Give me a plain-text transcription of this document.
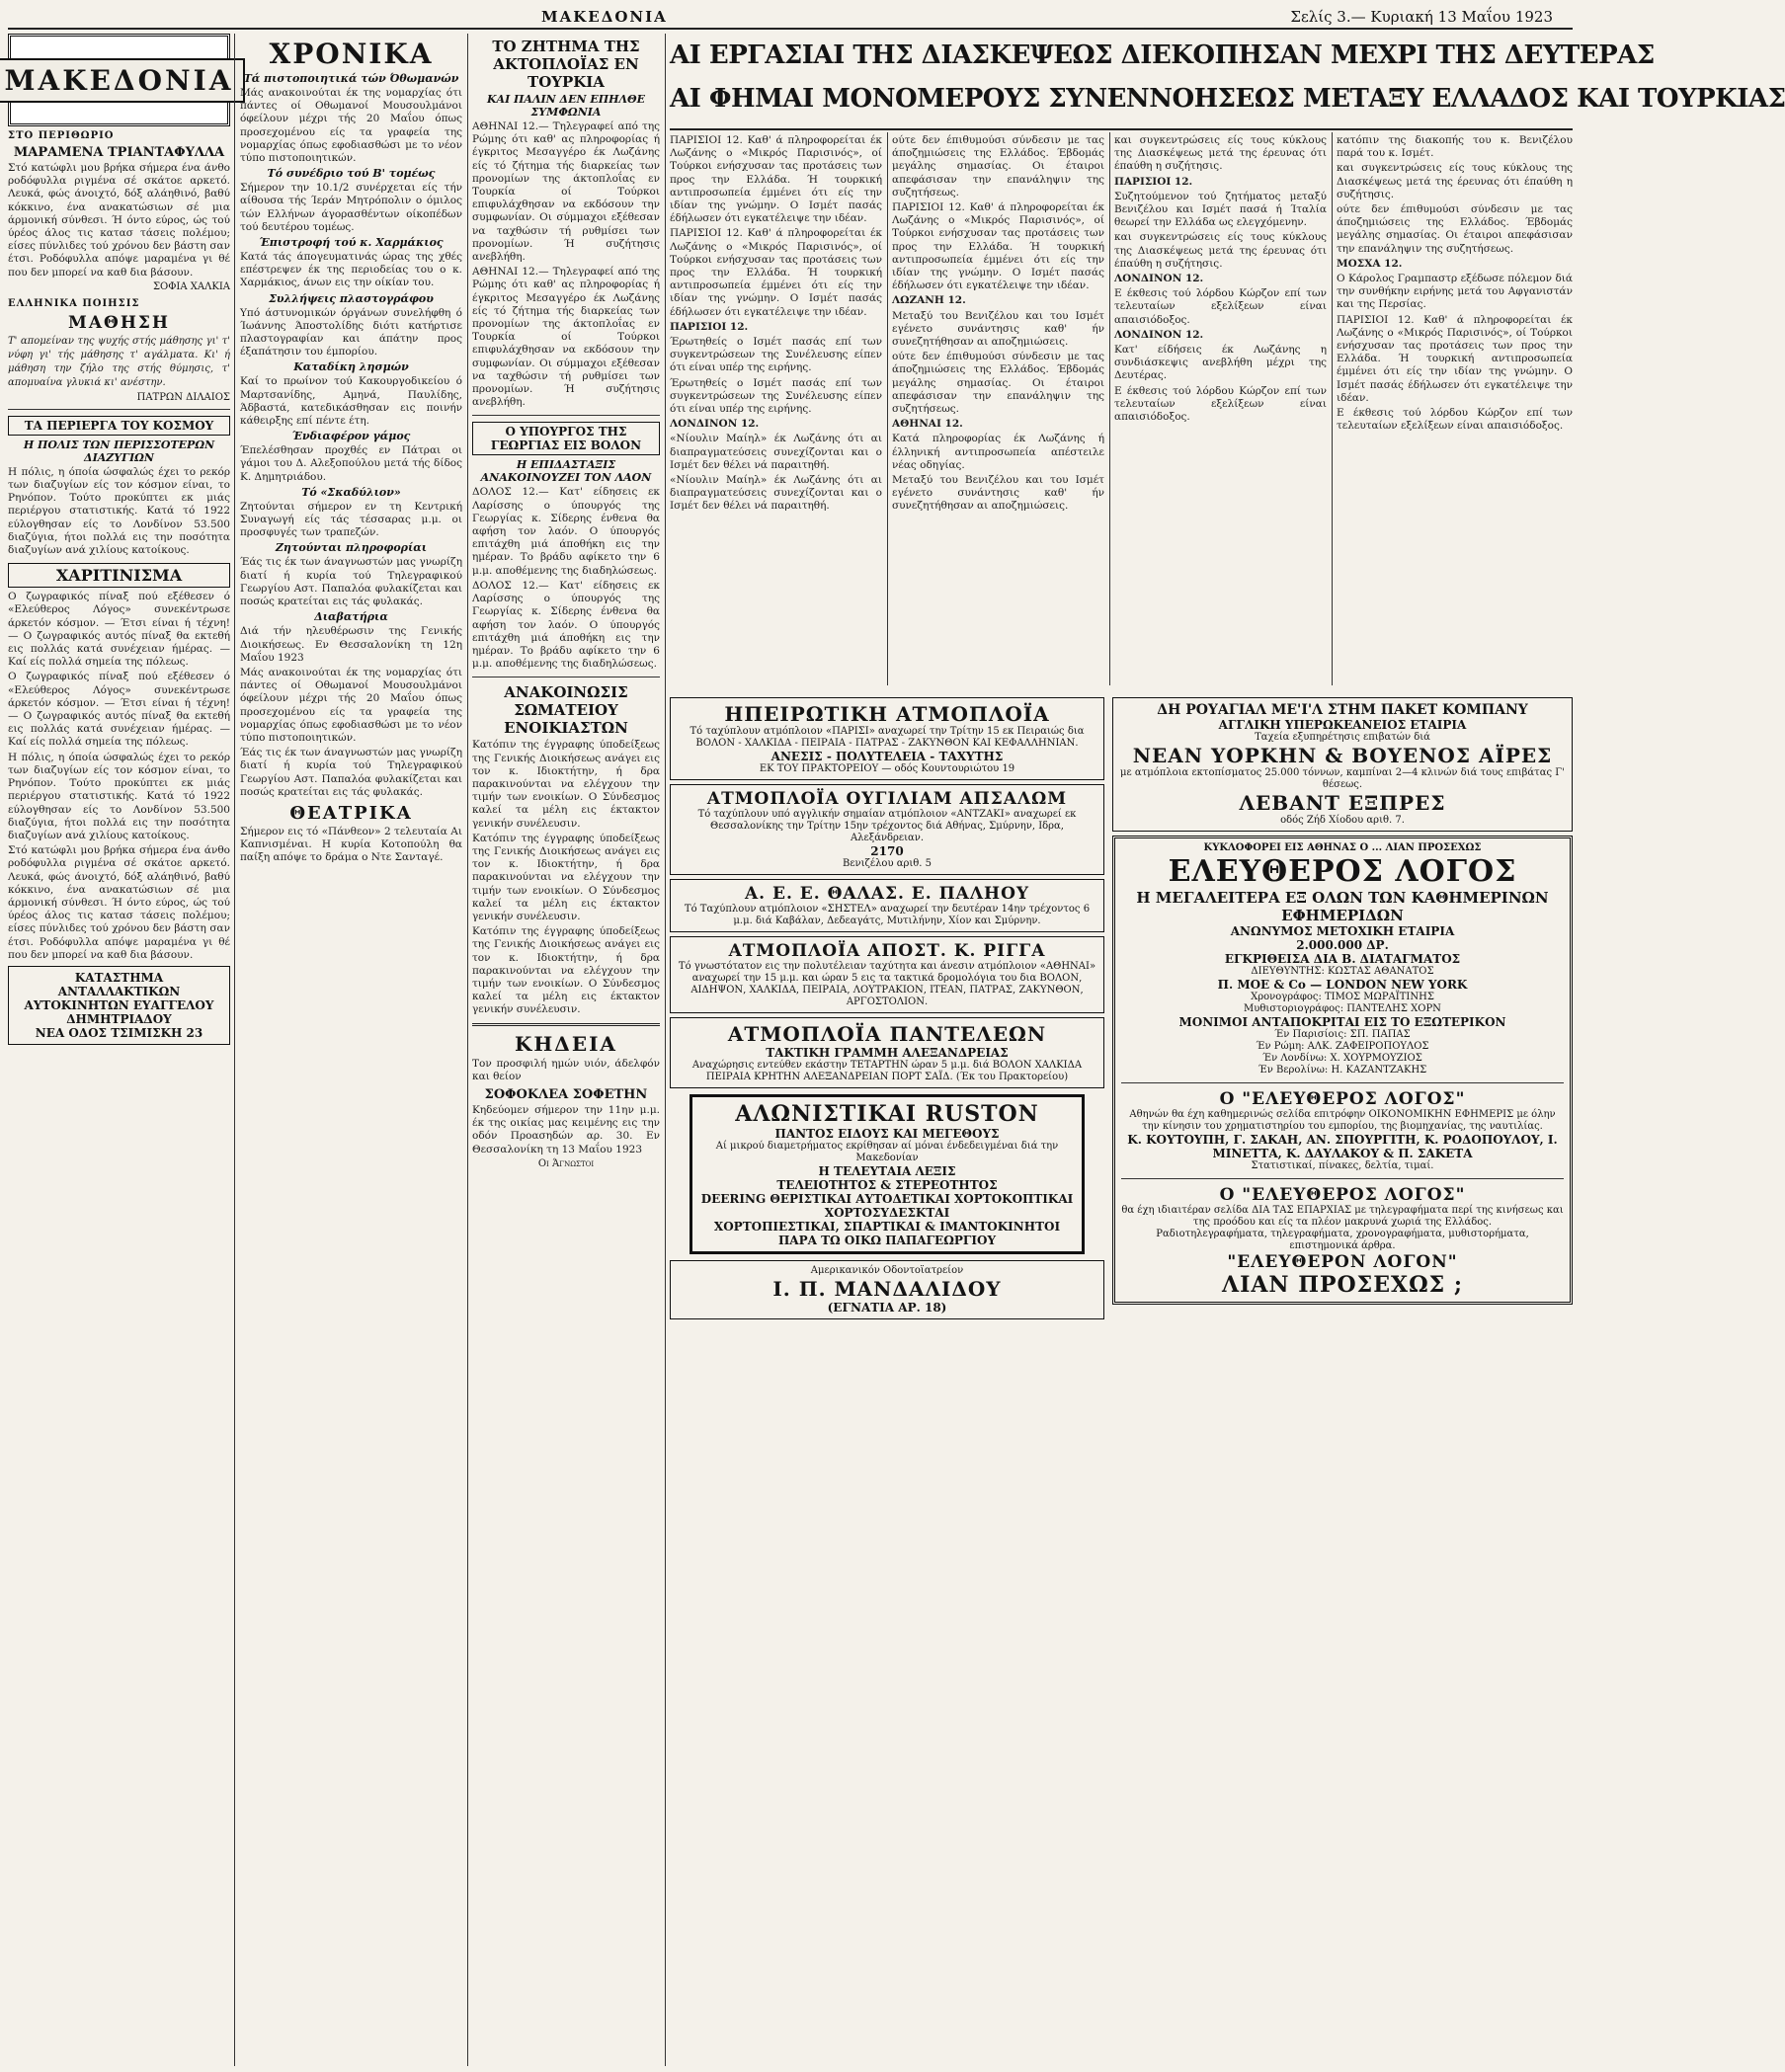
ΜΑΚΕΔΟΝΙΑ	Σελίς 3.— Κυριακή 13 Μαΐου 1923
ΜΑΚΕΔΟΝΙΑ
ΣΤΟ ΠΕΡΙΘΩΡΙΟ
ΜΑΡΑΜΕΝΑ ΤΡΙΑΝΤΑΦΥΛΛΑ

Στό κατώφλι μου βρήκα σήμερα ένα άνθο ροδόφυλλα ριγμένα σέ σκάτοε αρκετό. Λευκά, φώς άνοιχτό, δόξ αλάηθινό, βαθύ κόκκινο, ένα ανακατώσιων σέ μια άρμονική σύνθεσι. Ή όντο εύρος, ώς τού ύρέος άλος τις κατασ τάσεις πολέμου; είσες πύνλιδες τού χρόνου δεν βάστη σαν έτσι. Ροδόφυλλα απόψε μαραμένα γι θέ που δεν μπορεί να καθ δια βάσουν.

ΣΟΦΙΑ ΧΑΛΚΙΑ
ΕΛΛΗΝΙΚΑ ΠΟΙΗΣΙΣ
ΜΑΘΗΣΗ

Τ' απομείναν της ψυχής στής μάθησης γι' τ' νύφη γι' τής μάθησης τ' αγάλματα. Κι' ή μάθηση την ζήλο της στής θύμησις, τ' απομυαίνα γλυκιά κι' ανέστην.

ΠΑΤΡΩΝ ΔΙΛΑΙΟΣ
ΤΑ ΠΕΡΙΕΡΓΑ ΤΟΥ ΚΟΣΜΟΥ
Η ΠΟΛΙΣ ΤΩΝ ΠΕΡΙΣΣΟΤΕΡΩΝ ΔΙΑΖΥΓΙΩΝ

Η πόλις, η όποία ώσφαλώς έχει το ρεκόρ των διαζυγίων είς τον κόσμον είναι, το Ρηνόπον. Τούτο προκύπτει εκ μιάς περιέργου στατιστικής. Κατά τό 1922 εύλογθησαν είς το Λονδίνον 53.500 διαζύγια, ήτοι πολλά εις την ποσότητα διαζυγίων ανά χιλίους κατοίκους.

ΧΑΡΙΤΙΝΙΣΜΑ

Ο ζωγραφικός πίναξ πού εξέθεσεν ό «Ελεύθερος Λόγος» συνεκέντρωσε άρκετόν κόσμον. — Έτσι είναι ή τέχνη! — Ο ζωγραφικός αυτός πίναξ θα εκτεθή εις πολλάς κατά συνέχειαν ήμέρας. — Καί είς πολλά σημεία της πόλεως.

Ο ζωγραφικός πίναξ πού εξέθεσεν ό «Ελεύθερος Λόγος» συνεκέντρωσε άρκετόν κόσμον. — Έτσι είναι ή τέχνη! — Ο ζωγραφικός αυτός πίναξ θα εκτεθή εις πολλάς κατά συνέχειαν ήμέρας. — Καί είς πολλά σημεία της πόλεως.

Η πόλις, η όποία ώσφαλώς έχει το ρεκόρ των διαζυγίων είς τον κόσμον είναι, το Ρηνόπον. Τούτο προκύπτει εκ μιάς περιέργου στατιστικής. Κατά τό 1922 εύλογθησαν είς το Λονδίνον 53.500 διαζύγια, ήτοι πολλά εις την ποσότητα διαζυγίων ανά χιλίους κατοίκους.

Στό κατώφλι μου βρήκα σήμερα ένα άνθο ροδόφυλλα ριγμένα σέ σκάτοε αρκετό. Λευκά, φώς άνοιχτό, δόξ αλάηθινό, βαθύ κόκκινο, ένα ανακατώσιων σέ μια άρμονική σύνθεσι. Ή όντο εύρος, ώς τού ύρέος άλος τις κατασ τάσεις πολέμου; είσες πύνλιδες τού χρόνου δεν βάστη σαν έτσι. Ροδόφυλλα απόψε μαραμένα γι θέ που δεν μπορεί να καθ δια βάσουν.

ΚΑΤΑΣΤΗΜΑ ΑΝΤΑΛΛΑΚΤΙΚΩΝ ΑΥΤΟΚΙΝΗΤΩΝ ΕΥΑΓΓΕΛΟΥ ΔΗΜΗΤΡΙΑΔΟΥ
ΝΕΑ ΟΔΟΣ ΤΣΙΜΙΣΚΗ 23
ΧΡΟΝΙΚΑ
Τά πιστοποιητικά τών Όθωμανών

Μάς ανακοινούται έκ της νομαρχίας ότι πάντες οί Οθωμανοί Μουσουλμάνοι όφείλουν μέχρι τής 20 Μαΐου όπως προσεχομένου είς τα γραφεία της νομαρχίας όπως εφοδιασθώσι με το νέον τύπο πιστοποιητικών.

Τό συνέδριο τού Β' τομέως

Σήμερον την 10.1/2 συνέρχεται είς τήν αίθουσα τής Ίεράν Μητρόπολιν ο όμιλος τών Ελλήνων άγορασθέντων οίκοπέδων τού δευτέρου τομέως.

Έπιστροφή τού κ. Χαρμάκιος

Κατά τάς άπογευματινάς ώρας της χθές επέστρεψεν έκ της περιοδείας του ο κ. Χαρμάκιος, άνων εις την οίκίαν του.

Συλλήψεις πλαστογράφου

Υπό άστυνομικών όργάνων συνελήφθη ό Ίωάννης Άποστολίδης διότι κατήρτισε πλαστογραφίαν και άπάτην προς έξαπάτησιν του έμπορίου.

Καταδίκη λησμών

Καί το πρωίνον τού Κακουργοδικείου ό Μαρτσανίδης, Αμηνά, Παυλίδης, Άδβαστά, κατεδικάσθησαν εις ποινήν κάθειρξης επί πέντε έτη.

Ένδιαφέρον γάμος

Έπελέσθησαν προχθές εν Πάτραι οι γάμοι του Δ. Αλεξοπούλου μετά τής δίδος Κ. Δημητριάδου.

Τό «Σκαδύλιον»

Ζητούνται σήμερον εν τη Κεντρική Συναγωγή είς τάς τέσσαρας μ.μ. οι προσφυγές των τραπεζών.

Ζητούνται πληροφορίαι

Έάς τις έκ των άναγνωστών μας γνωρίζη διατί ή κυρία τού Τηλεγραφικού Γεωργίου Αστ. Παπαλόα φυλακίζεται και ποσώς κρατείται εις τάς φυλακάς.

Διαβατήρια

Διά τήν ηλευθέρωσιν της Γενικής Διοικήσεως. Εν Θεσσαλονίκη τη 12η Μαΐου 1923

Μάς ανακοινούται έκ της νομαρχίας ότι πάντες οί Οθωμανοί Μουσουλμάνοι όφείλουν μέχρι τής 20 Μαΐου όπως προσεχομένου είς τα γραφεία της νομαρχίας όπως εφοδιασθώσι με το νέον τύπο πιστοποιητικών.

Έάς τις έκ των άναγνωστών μας γνωρίζη διατί ή κυρία τού Τηλεγραφικού Γεωργίου Αστ. Παπαλόα φυλακίζεται και ποσώς κρατείται εις τάς φυλακάς.

ΘΕΑΤΡΙΚΑ

Σήμερον εις τό «Πάνθεον» 2 τελευταία Αι Καπνισμέναι. Η κυρία Κοτοπούλη θα παίξη απόψε το δράμα ο Ντε Σανταγέ.

ΤΟ ΖΗΤΗΜΑ ΤΗΣ ΑΚΤΟΠΛΟΪΑΣ ΕΝ ΤΟΥΡΚΙΑ
ΚΑΙ ΠΑΛΙΝ ΔΕΝ ΕΠΗΛΘΕ ΣΥΜΦΩΝΙΑ

ΑΘΗΝΑΙ 12.— Τηλεγραφεί από της Ρώμης ότι καθ' ας πληροφορίας ή έγκριτος Μεσαγγέρο έκ Λωζάνης είς τό ζήτημα τής διαρκείας των προνομίων της άκτοπλοΐας εν Τουρκία οί Τούρκοι επιφυλάχθησαν να εκδόσουν την συμφωνίαν. Οι σύμμαχοι εξέθεσαν να ταχθώσιν τή ρυθμίσει των προνομίων. Ή συζήτησις ανεβλήθη.

ΑΘΗΝΑΙ 12.— Τηλεγραφεί από της Ρώμης ότι καθ' ας πληροφορίας ή έγκριτος Μεσαγγέρο έκ Λωζάνης είς τό ζήτημα τής διαρκείας των προνομίων της άκτοπλοΐας εν Τουρκία οί Τούρκοι επιφυλάχθησαν να εκδόσουν την συμφωνίαν. Οι σύμμαχοι εξέθεσαν να ταχθώσιν τή ρυθμίσει των προνομίων. Ή συζήτησις ανεβλήθη.

Ο ΥΠΟΥΡΓΟΣ ΤΗΣ ΓΕΩΡΓΙΑΣ ΕΙΣ ΒΟΛΟΝ
Η ΕΠΙΔΑΣΤΑΞΙΣ ΑΝΑΚΟΙΝΟΥΖΕΙ ΤΟΝ ΛΑΟΝ

ΔΟΛΟΣ 12.— Κατ' είδησεις εκ Λαρίσσης ο ύπουργός της Γεωργίας κ. Σίδερης ένθενα θα αφήση τον λαόν. Ο ύπουργός επιτάχθη μιά άποθήκη εις την ημέραν. Το βράδυ αφίκετο την 6 μ.μ. αποθέμενης της διαδηλώσεως.

ΔΟΛΟΣ 12.— Κατ' είδησεις εκ Λαρίσσης ο ύπουργός της Γεωργίας κ. Σίδερης ένθενα θα αφήση τον λαόν. Ο ύπουργός επιτάχθη μιά άποθήκη εις την ημέραν. Το βράδυ αφίκετο την 6 μ.μ. αποθέμενης της διαδηλώσεως.

ΑΝΑΚΟΙΝΩΣΙΣ ΣΩΜΑΤΕΙΟΥ ΕΝΟΙΚΙΑΣΤΩΝ

Κατόπιν της έγγραφης ύποδείξεως της Γενικής Διοικήσεως ανάγει εις τον κ. Ιδιοκτήτην, ή δρα παρακινούνται να ελέγχουν την τιμήν των ενοικίων. Ο Σύνδεσμος καλεί τα μέλη εις έκτακτον γενικήν συνέλευσιν.

Κατόπιν της έγγραφης ύποδείξεως της Γενικής Διοικήσεως ανάγει εις τον κ. Ιδιοκτήτην, ή δρα παρακινούνται να ελέγχουν την τιμήν των ενοικίων. Ο Σύνδεσμος καλεί τα μέλη εις έκτακτον γενικήν συνέλευσιν.

Κατόπιν της έγγραφης ύποδείξεως της Γενικής Διοικήσεως ανάγει εις τον κ. Ιδιοκτήτην, ή δρα παρακινούνται να ελέγχουν την τιμήν των ενοικίων. Ο Σύνδεσμος καλεί τα μέλη εις έκτακτον γενικήν συνέλευσιν.

ΚΗΔΕΙΑ

Τον προσφιλή ημών υιόν, άδελφόν και θείον

ΣΟΦΟΚΛΕΑ ΣΟΦΕΤΗΝ

Κηδεύομεν σήμερον την 11ην μ.μ. έκ της οικίας μας κειμένης εις την οδόν Προασηδών αρ. 30. Εν Θεσσαλονίκη τη 13 Μαΐου 1923

Οι Άγνωστοι
ΑΙ ΕΡΓΑΣΙΑΙ ΤΗΣ ΔΙΑΣΚΕΨΕΩΣ ΔΙΕΚΟΠΗΣΑΝ ΜΕΧΡΙ ΤΗΣ ΔΕΥΤΕΡΑΣ
ΑΙ ΦΗΜΑΙ ΜΟΝΟΜΕΡΟΥΣ ΣΥΝΕΝΝΟΗΣΕΩΣ ΜΕΤΑΞΥ ΕΛΛΑΔΟΣ ΚΑΙ ΤΟΥΡΚΙΑΣ

ΠΑΡΙΣΙΟΙ 12. Καθ' ά πληροφορείται έκ Λωζάνης ο «Μικρός Παρισινός», οί Τούρκοι ενήσχυσαν τας προτάσεις των προς την Ελλάδα. Ή τουρκική αντιπροσωπεία έμμένει ότι είς την ιδίαν της γνώμην. Ο Ισμέτ πασάς έδήλωσεν ότι εγκατέλειψε την ιδέαν.

ΠΑΡΙΣΙΟΙ 12. Καθ' ά πληροφορείται έκ Λωζάνης ο «Μικρός Παρισινός», οί Τούρκοι ενήσχυσαν τας προτάσεις των προς την Ελλάδα. Ή τουρκική αντιπροσωπεία έμμένει ότι είς την ιδίαν της γνώμην. Ο Ισμέτ πασάς έδήλωσεν ότι εγκατέλειψε την ιδέαν.

ΠΑΡΙΣΙΟΙ 12.

Έρωτηθείς ο Ισμέτ πασάς επί των συγκεντρώσεων της Συνέλευσης είπεν ότι είναι υπέρ της ειρήνης.

Έρωτηθείς ο Ισμέτ πασάς επί των συγκεντρώσεων της Συνέλευσης είπεν ότι είναι υπέρ της ειρήνης.

ΛΟΝΔΙΝΟΝ 12.

«Νίουλιν Μαίηλ» έκ Λωζάνης ότι αι διαπραγματεύσεις συνεχίζονται και ο Ισμέτ δεν θέλει νά παραιτηθή.

«Νίουλιν Μαίηλ» έκ Λωζάνης ότι αι διαπραγματεύσεις συνεχίζονται και ο Ισμέτ δεν θέλει νά παραιτηθή.

ούτε δεν έπιθυμούσι σύνδεσιν με τας άποζημιώσεις της Ελλάδος. Έβδομάς μεγάλης σημασίας. Οι έταιροι απεφάσισαν την επανάληψιν της συζητήσεως.

ΠΑΡΙΣΙΟΙ 12. Καθ' ά πληροφορείται έκ Λωζάνης ο «Μικρός Παρισινός», οί Τούρκοι ενήσχυσαν τας προτάσεις των προς την Ελλάδα. Ή τουρκική αντιπροσωπεία έμμένει ότι είς την ιδίαν της γνώμην. Ο Ισμέτ πασάς έδήλωσεν ότι εγκατέλειψε την ιδέαν.

ΛΩΖΑΝΗ 12.

Μεταξύ του Βενιζέλου και του Ισμέτ εγένετο συνάντησις καθ' ήν συνεζητήθησαν αι αποζημιώσεις.

ούτε δεν έπιθυμούσι σύνδεσιν με τας άποζημιώσεις της Ελλάδος. Έβδομάς μεγάλης σημασίας. Οι έταιροι απεφάσισαν την επανάληψιν της συζητήσεως.

ΑΘΗΝΑΙ 12.

Κατά πληροφορίας έκ Λωζάνης ή έλληνική αντιπροσωπεία απέστειλε νέας οδηγίας.

Μεταξύ του Βενιζέλου και του Ισμέτ εγένετο συνάντησις καθ' ήν συνεζητήθησαν αι αποζημιώσεις.

και συγκεντρώσεις είς τους κύκλους της Διασκέψεως μετά της έρευνας ότι έπαύθη η συζήτησις.

ΠΑΡΙΣΙΟΙ 12.

Συζητούμενον τού ζητήματος μεταξύ Βενιζέλου και Ισμέτ πασά ή Ίταλία θεωρεί την Ελλάδα ως ελεγχόμενην.

και συγκεντρώσεις είς τους κύκλους της Διασκέψεως μετά της έρευνας ότι έπαύθη η συζήτησις.

ΛΟΝΔΙΝΟΝ 12.

Ε έκθεσις τού λόρδου Κώρζον επί των τελευταίων εξελίξεων είναι απαισιόδοξος.

ΛΟΝΔΙΝΟΝ 12.

Κατ' είδήσεις έκ Λωζάνης η συνδιάσκεψις ανεβλήθη μέχρι της Δευτέρας.

Ε έκθεσις τού λόρδου Κώρζον επί των τελευταίων εξελίξεων είναι απαισιόδοξος.

κατόπιν της διακοπής του κ. Βενιζέλου παρά του κ. Ισμέτ.

και συγκεντρώσεις είς τους κύκλους της Διασκέψεως μετά της έρευνας ότι έπαύθη η συζήτησις.

ούτε δεν έπιθυμούσι σύνδεσιν με τας άποζημιώσεις της Ελλάδος. Έβδομάς μεγάλης σημασίας. Οι έταιροι απεφάσισαν την επανάληψιν της συζητήσεως.

ΜΟΣΧΑ 12.

Ο Κάρολος Γραμπαστρ εξέδωσε πόλεμον διά την συνθήκην ειρήνης μετά του Αφγανιστάν και της Περσίας.

ΠΑΡΙΣΙΟΙ 12. Καθ' ά πληροφορείται έκ Λωζάνης ο «Μικρός Παρισινός», οί Τούρκοι ενήσχυσαν τας προτάσεις των προς την Ελλάδα. Ή τουρκική αντιπροσωπεία έμμένει ότι είς την ιδίαν της γνώμην. Ο Ισμέτ πασάς έδήλωσεν ότι εγκατέλειψε την ιδέαν.

Ε έκθεσις τού λόρδου Κώρζον επί των τελευταίων εξελίξεων είναι απαισιόδοξος.

ΗΠΕΙΡΩΤΙΚΗ ΑΤΜΟΠΛΟΪΑ
Τό ταχύπλουν ατμόπλοιον «ΠΑΡΙΣΙ» αναχωρεί την Τρίτην 15 εκ Πειραιώς δια ΒΟΛΟΝ - ΧΑΛΚΙΔΑ - ΠΕΙΡΑΙΑ - ΠΑΤΡΑΣ - ΖΑΚΥΝΘΟΝ ΚΑΙ ΚΕΦΑΛΛΗΝΙΑΝ.
ΑΝΕΣΙΣ - ΠΟΛΥΤΕΛΕΙΑ - ΤΑΧΥΤΗΣ
ΕΚ ΤΟΥ ΠΡΑΚΤΟΡΕΙΟΥ — οδός Κουντουριώτου 19
ΑΤΜΟΠΛΟΪΑ ΟΥΓΙΛΙΑΜ ΑΠΣΑΛΩΜ
Τό ταχύπλουν υπό αγγλικήν σημαίαν ατμόπλοιον «ΑΝΤΖΑΚΙ» αναχωρεί εκ Θεσσαλονίκης την Τρίτην 15ην τρέχοντος διά Αθήνας, Σμύρνην, Ιδρα, Αλεξάνδρειαν.
2170
Βενιζέλου αριθ. 5
Α. Ε. Ε. ΘΑΛΑΣ. Ε. ΠΑΛΗΟΥ
Τό Ταχύπλουν ατμόπλοιον «ΣΗΣΤΕΛ» αναχωρεί την δευτέραν 14ην τρέχοντος 6 μ.μ. διά Καβάλαν, Δεδεαγάτς, Μυτιλήνην, Χίον και Σμύρνην.
ΑΤΜΟΠΛΟΪΑ ΑΠΟΣΤ. Κ. ΡΙΓΓΑ
Τό γνωστότατον εις την πολυτέλειαν ταχύτητα και άνεσιν ατμόπλοιον «ΑΘΗΝΑΙ» αναχωρεί την 15 μ.μ. και ώραν 5 εις τα τακτικά δρομολόγια του δια ΒΟΛΟΝ, ΑΙΔΗΨΟΝ, ΧΑΛΚΙΔΑ, ΠΕΙΡΑΙΑ, ΛΟΥΤΡΑΚΙΟΝ, ΙΤΕΑΝ, ΠΑΤΡΑΣ, ΖΑΚΥΝΘΟΝ, ΑΡΓΟΣΤΟΛΙΟΝ.
ΑΤΜΟΠΛΟΪΑ ΠΑΝΤΕΛΕΩΝ
ΤΑΚΤΙΚΗ ΓΡΑΜΜΗ ΑΛΕΞΑΝΔΡΕΙΑΣ
Αναχώρησις εντεύθεν εκάστην ΤΕΤΑΡΤΗΝ ώραν 5 μ.μ. διά ΒΟΛΟΝ ΧΑΛΚΙΔΑ ΠΕΙΡΑΙΑ ΚΡΗΤΗΝ ΑΛΕΞΑΝΔΡΕΙΑΝ ΠΟΡΤ ΣΑΪΔ. (Έκ του Πρακτορείου)
ΑΛΩΝΙΣΤΙΚΑΙ RUSTON
ΠΑΝΤΟΣ ΕΙΔΟΥΣ ΚΑΙ ΜΕΓΕΘΟΥΣ
Αί μικρού διαμετρήματος εκρίθησαν αί μόναι ένδεδειγμέναι διά την Μακεδονίαν
Η ΤΕΛΕΥΤΑΙΑ ΛΕΞΙΣ
ΤΕΛΕΙΟΤΗΤΟΣ & ΣΤΕΡΕΟΤΗΤΟΣ
DEERING ΘΕΡΙΣΤΙΚΑΙ ΑΥΤΟΔΕΤΙΚΑΙ ΧΟΡΤΟΚΟΠΤΙΚΑΙ ΧΟΡΤΟΣΥΔΕΣΚΤΑΙ
ΧΟΡΤΟΠΙΕΣΤΙΚΑΙ, ΣΠΑΡΤΙΚΑΙ & ΙΜΑΝΤΟΚΙΝΗΤΟΙ
ΠΑΡΑ ΤΩ ΟΙΚΩ ΠΑΠΑΓΕΩΡΓΙΟΥ
Αμερικανικόν Οδοντοϊατρείον
Ι. Π. ΜΑΝΔΑΛΙΔΟΥ
(ΕΓΝΑΤΙΑ ΑΡ. 18)
ΔΗ ΡΟΥΑΓΙΑΛ ΜΕ'Ι'Λ ΣΤΗΜ ΠΑΚΕΤ ΚΟΜΠΑΝΥ
ΑΓΓΛΙΚΗ ΥΠΕΡΩΚΕΑΝΕΙΟΣ ΕΤΑΙΡΙΑ
Ταχεία εξυπηρέτησις επιβατών διά
ΝΕΑΝ ΥΟΡΚΗΝ & ΒΟΥΕΝΟΣ ΑΪΡΕΣ
με ατμόπλοια εκτοπίσματος 25.000 τόννων, καμπίναι 2—4 κλινών διά τους επιβάτας Γ' θέσεως.
ΛΕΒΑΝΤ ΕΞΠΡΕΣ
οδός Ζήδ Χίοδου αριθ. 7.
ΚΥΚΛΟΦΟΡΕΙ ΕΙΣ ΑΘΗΝΑΣ Ο ... ΛΙΑΝ ΠΡΟΣΕΧΩΣ
ΕΛΕΥΘΕΡΟΣ ΛΟΓΟΣ
Η ΜΕΓΑΛΕΙΤΕΡΑ ΕΞ ΟΛΩΝ ΤΩΝ ΚΑΘΗΜΕΡΙΝΩΝ ΕΦΗΜΕΡΙΔΩΝ
ΑΝΩΝΥΜΟΣ ΜΕΤΟΧΙΚΗ ΕΤΑΙΡΙΑ
2.000.000 ΔΡ.
ΕΓΚΡΙΘΕΙΣΑ ΔΙΑ Β. ΔΙΑΤΑΓΜΑΤΟΣ
ΔΙΕΥΘΥΝΤΗΣ: ΚΩΣΤΑΣ ΑΘΑΝΑΤΟΣ
Π. ΜΟΕ & Co — LONDON NEW YORK
Χρονογράφος: ΤΙΜΟΣ ΜΩΡΑΪΤΙΝΗΣ
Μυθιστοριογράφος: ΠΑΝΤΕΛΗΣ ΧΟΡΝ
ΜΟΝΙΜΟΙ ΑΝΤΑΠΟΚΡΙΤΑΙ ΕΙΣ ΤΟ ΕΞΩΤΕΡΙΚΟΝ
Έν Παρισίοις: ΣΠ. ΠΑΠΑΣ
Έν Ρώμη: ΑΛΚ. ΖΑΦΕΙΡΟΠΟΥΛΟΣ
Έν Λονδίνω: Χ. ΧΟΥΡΜΟΥΖΙΟΣ
Έν Βερολίνω: Η. ΚΑΖΑΝΤΖΑΚΗΣ
Ο "ΕΛΕΥΘΕΡΟΣ ΛΟΓΟΣ"
Αθηνών θα έχη καθημερινώς σελίδα επιτρόφην ΟΙΚΟΝΟΜΙΚΗΝ ΕΦΗΜΕΡΙΣ με όλην την κίνησιν του χρηματιστηρίου του εμπορίου, της βιομηχανίας, της ναυτιλίας.
Κ. ΚΟΥΤΟΥΠΗ, Γ. ΣΑΚΑΗ, ΑΝ. ΣΠΟΥΡΓΙΤΗ, Κ. ΡΟΔΟΠΟΥΛΟΥ, Ι. ΜΙΝΕΤΤΑ, Κ. ΔΑΥΛΑΚΟΥ & Π. ΣΑΚΕΤΑ
Στατιστικαί, πίνακες, δελτία, τιμαί.
Ο "ΕΛΕΥΘΕΡΟΣ ΛΟΓΟΣ"
θα έχη ιδιαιτέραν σελίδα ΔΙΑ ΤΑΣ ΕΠΑΡΧΙΑΣ με τηλεγραφήματα περί της κινήσεως και της προόδου και είς τα πλέον μακρυνά χωριά της Ελλάδος.
Ραδιοτηλεγραφήματα, τηλεγραφήματα, χρονογραφήματα, μυθιστορήματα, επιστημονικά άρθρα.
"ΕΛΕΥΘΕΡΟΝ ΛΟΓΟΝ"
ΛΙΑΝ ΠΡΟΣΕΧΩΣ ;
